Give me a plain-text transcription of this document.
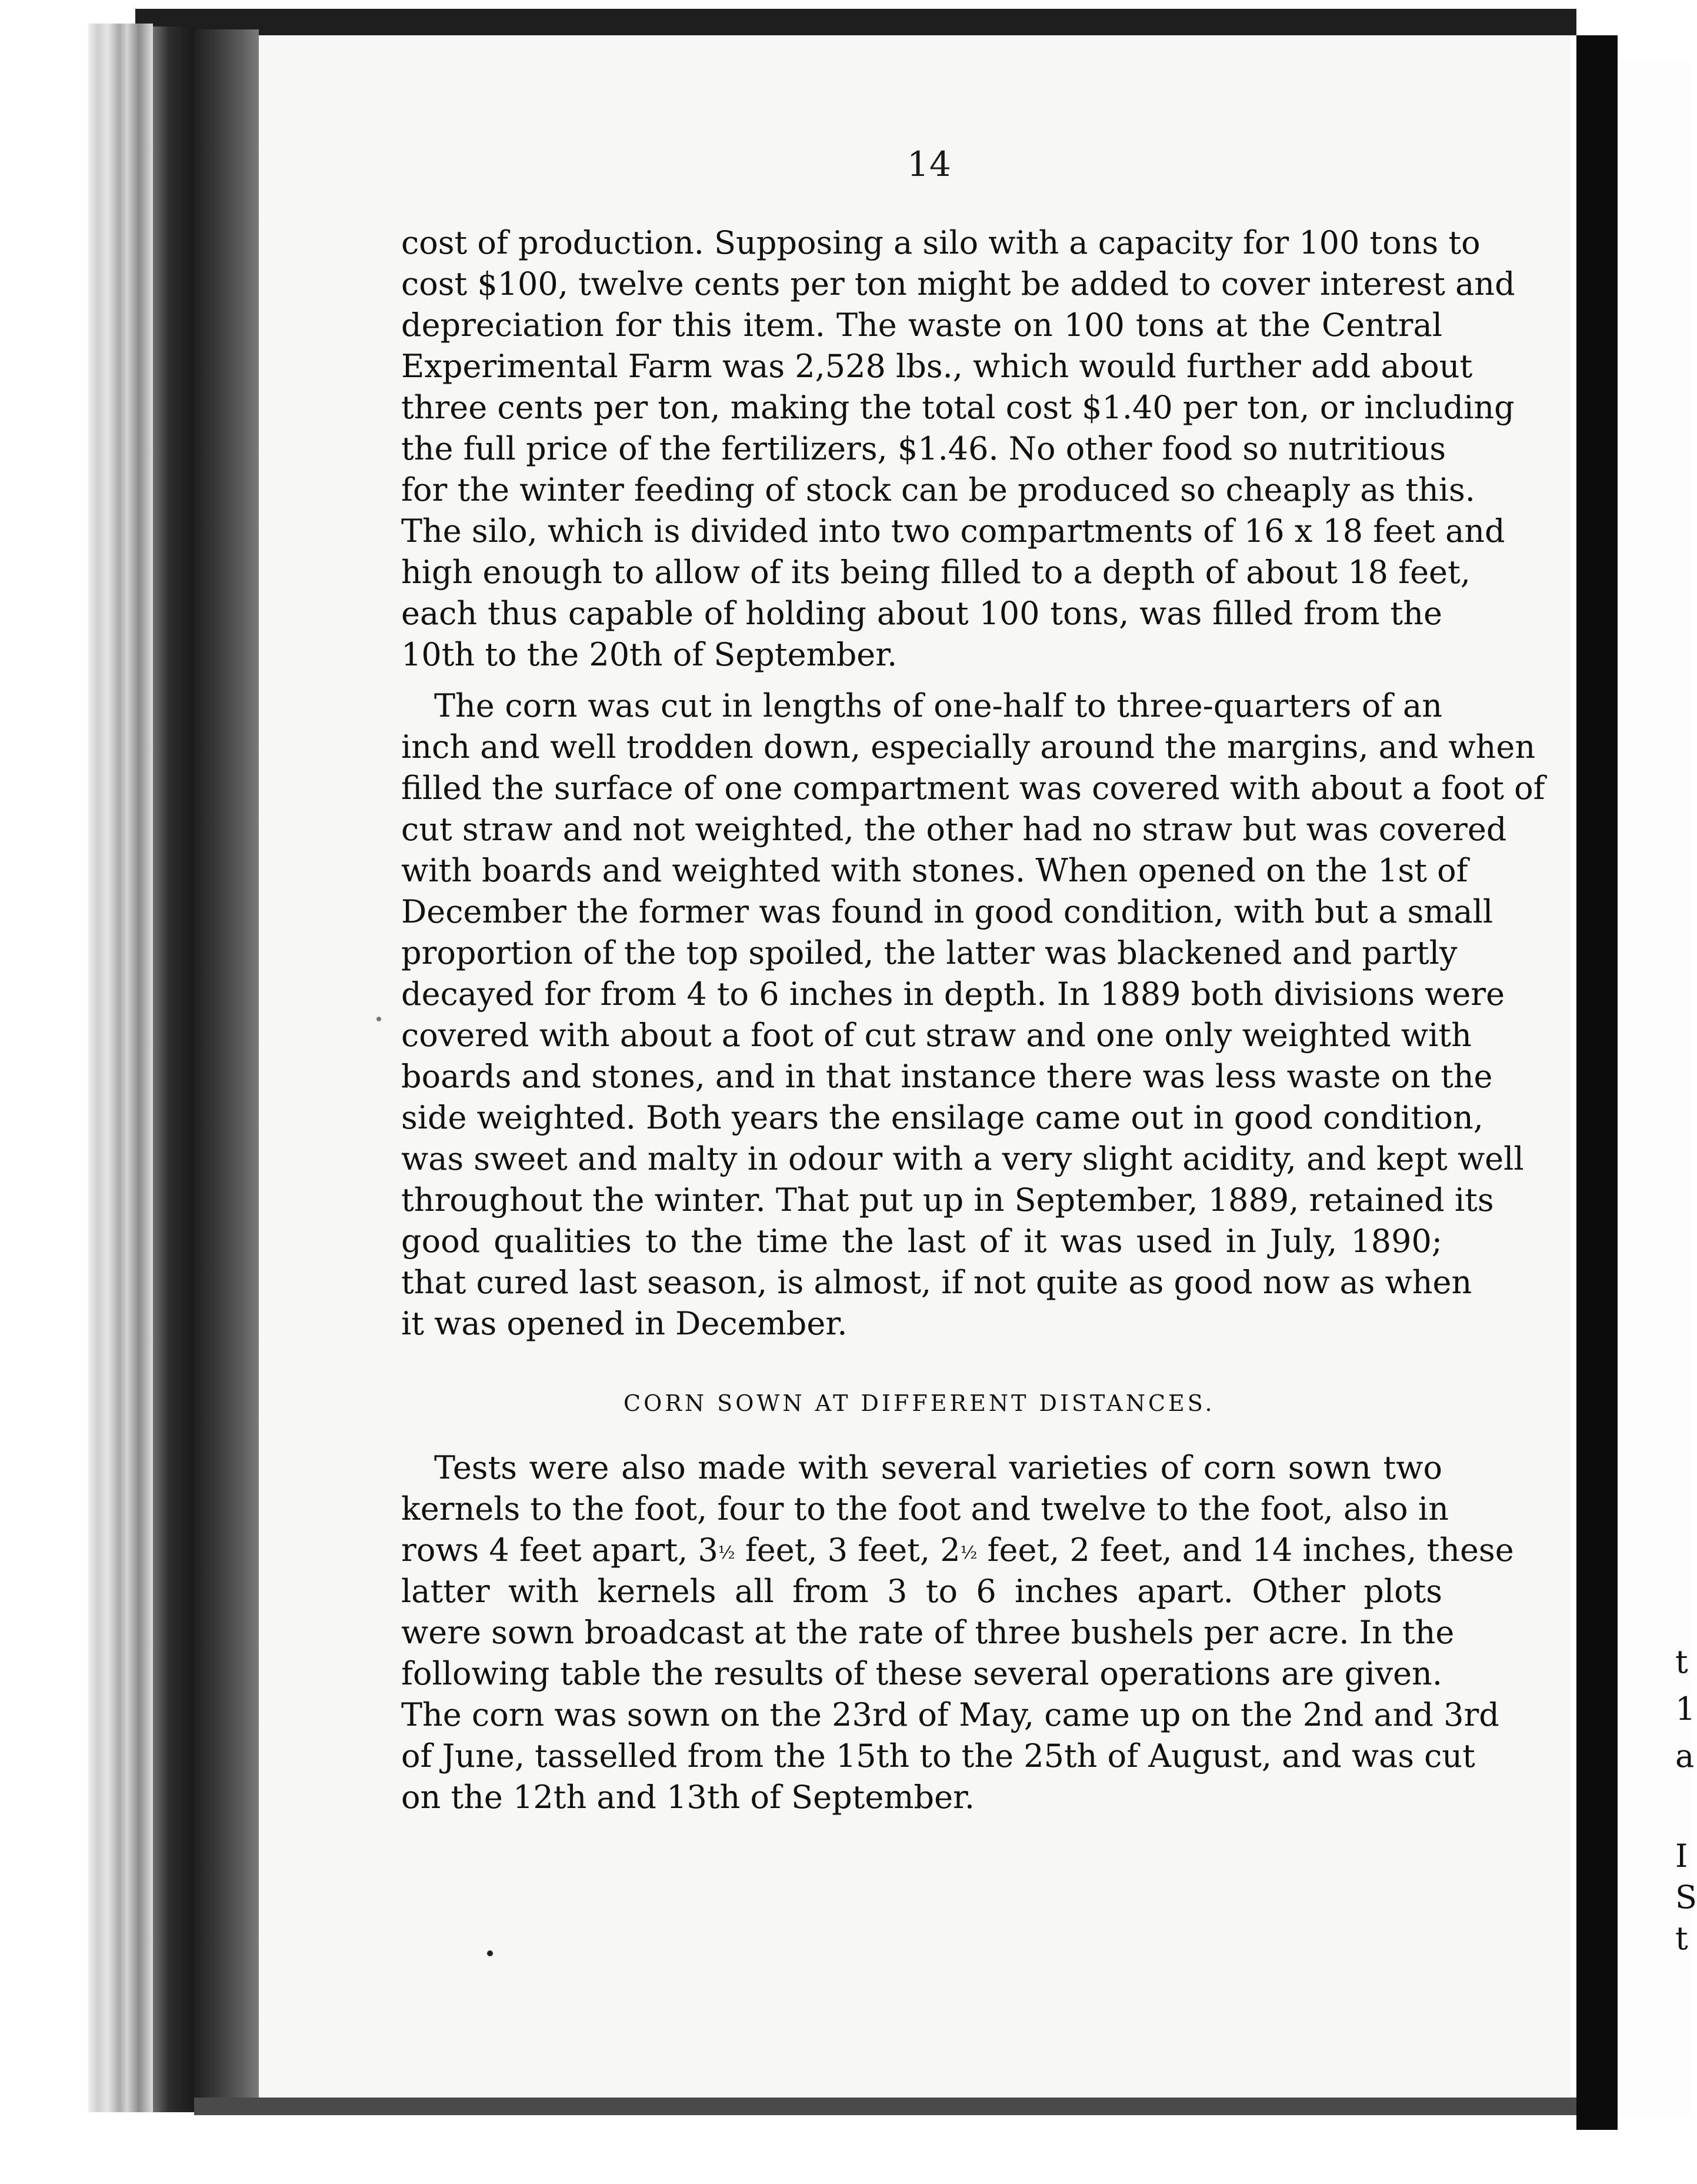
14
cost of production. Supposing a silo with a capacity for 100 tons to
cost $100, twelve cents per ton might be added to cover interest and
depreciation for this item. The waste on 100 tons at the Central
Experimental Farm was 2,528 lbs., which would further add about
three cents per ton, making the total cost $1.40 per ton, or including
the full price of the fertilizers, $1.46. No other food so nutritious
for the winter feeding of stock can be produced so cheaply as this.
The silo, which is divided into two compartments of 16 x 18 feet and
high enough to allow of its being filled to a depth of about 18 feet,
each thus capable of holding about 100 tons, was filled from the
10th to the 20th of September.
The corn was cut in lengths of one-half to three-quarters of an
inch and well trodden down, especially around the margins, and when
filled the surface of one compartment was covered with about a foot of
cut straw and not weighted, the other had no straw but was covered
with boards and weighted with stones. When opened on the 1st of
December the former was found in good condition, with but a small
proportion of the top spoiled, the latter was blackened and partly
decayed for from 4 to 6 inches in depth. In 1889 both divisions were
covered with about a foot of cut straw and one only weighted with
boards and stones, and in that instance there was less waste on the
side weighted. Both years the ensilage came out in good condition,
was sweet and malty in odour with a very slight acidity, and kept well
throughout the winter. That put up in September, 1889, retained its
good qualities to the time the last of it was used in July, 1890;
that cured last season, is almost, if not quite as good now as when
it was opened in December.
CORN SOWN AT DIFFERENT DISTANCES.
Tests were also made with several varieties of corn sown two
kernels to the foot, four to the foot and twelve to the foot, also in
rows 4 feet apart, 3½ feet, 3 feet, 2½ feet, 2 feet, and 14 inches, these
latter with kernels all from 3 to 6 inches apart. Other plots
were sown broadcast at the rate of three bushels per acre. In the
following table the results of these several operations are given.
The corn was sown on the 23rd of May, came up on the 2nd and 3rd
of June, tasselled from the 15th to the 25th of August, and was cut
on the 12th and 13th of September.
t
1
a
I
S
t
